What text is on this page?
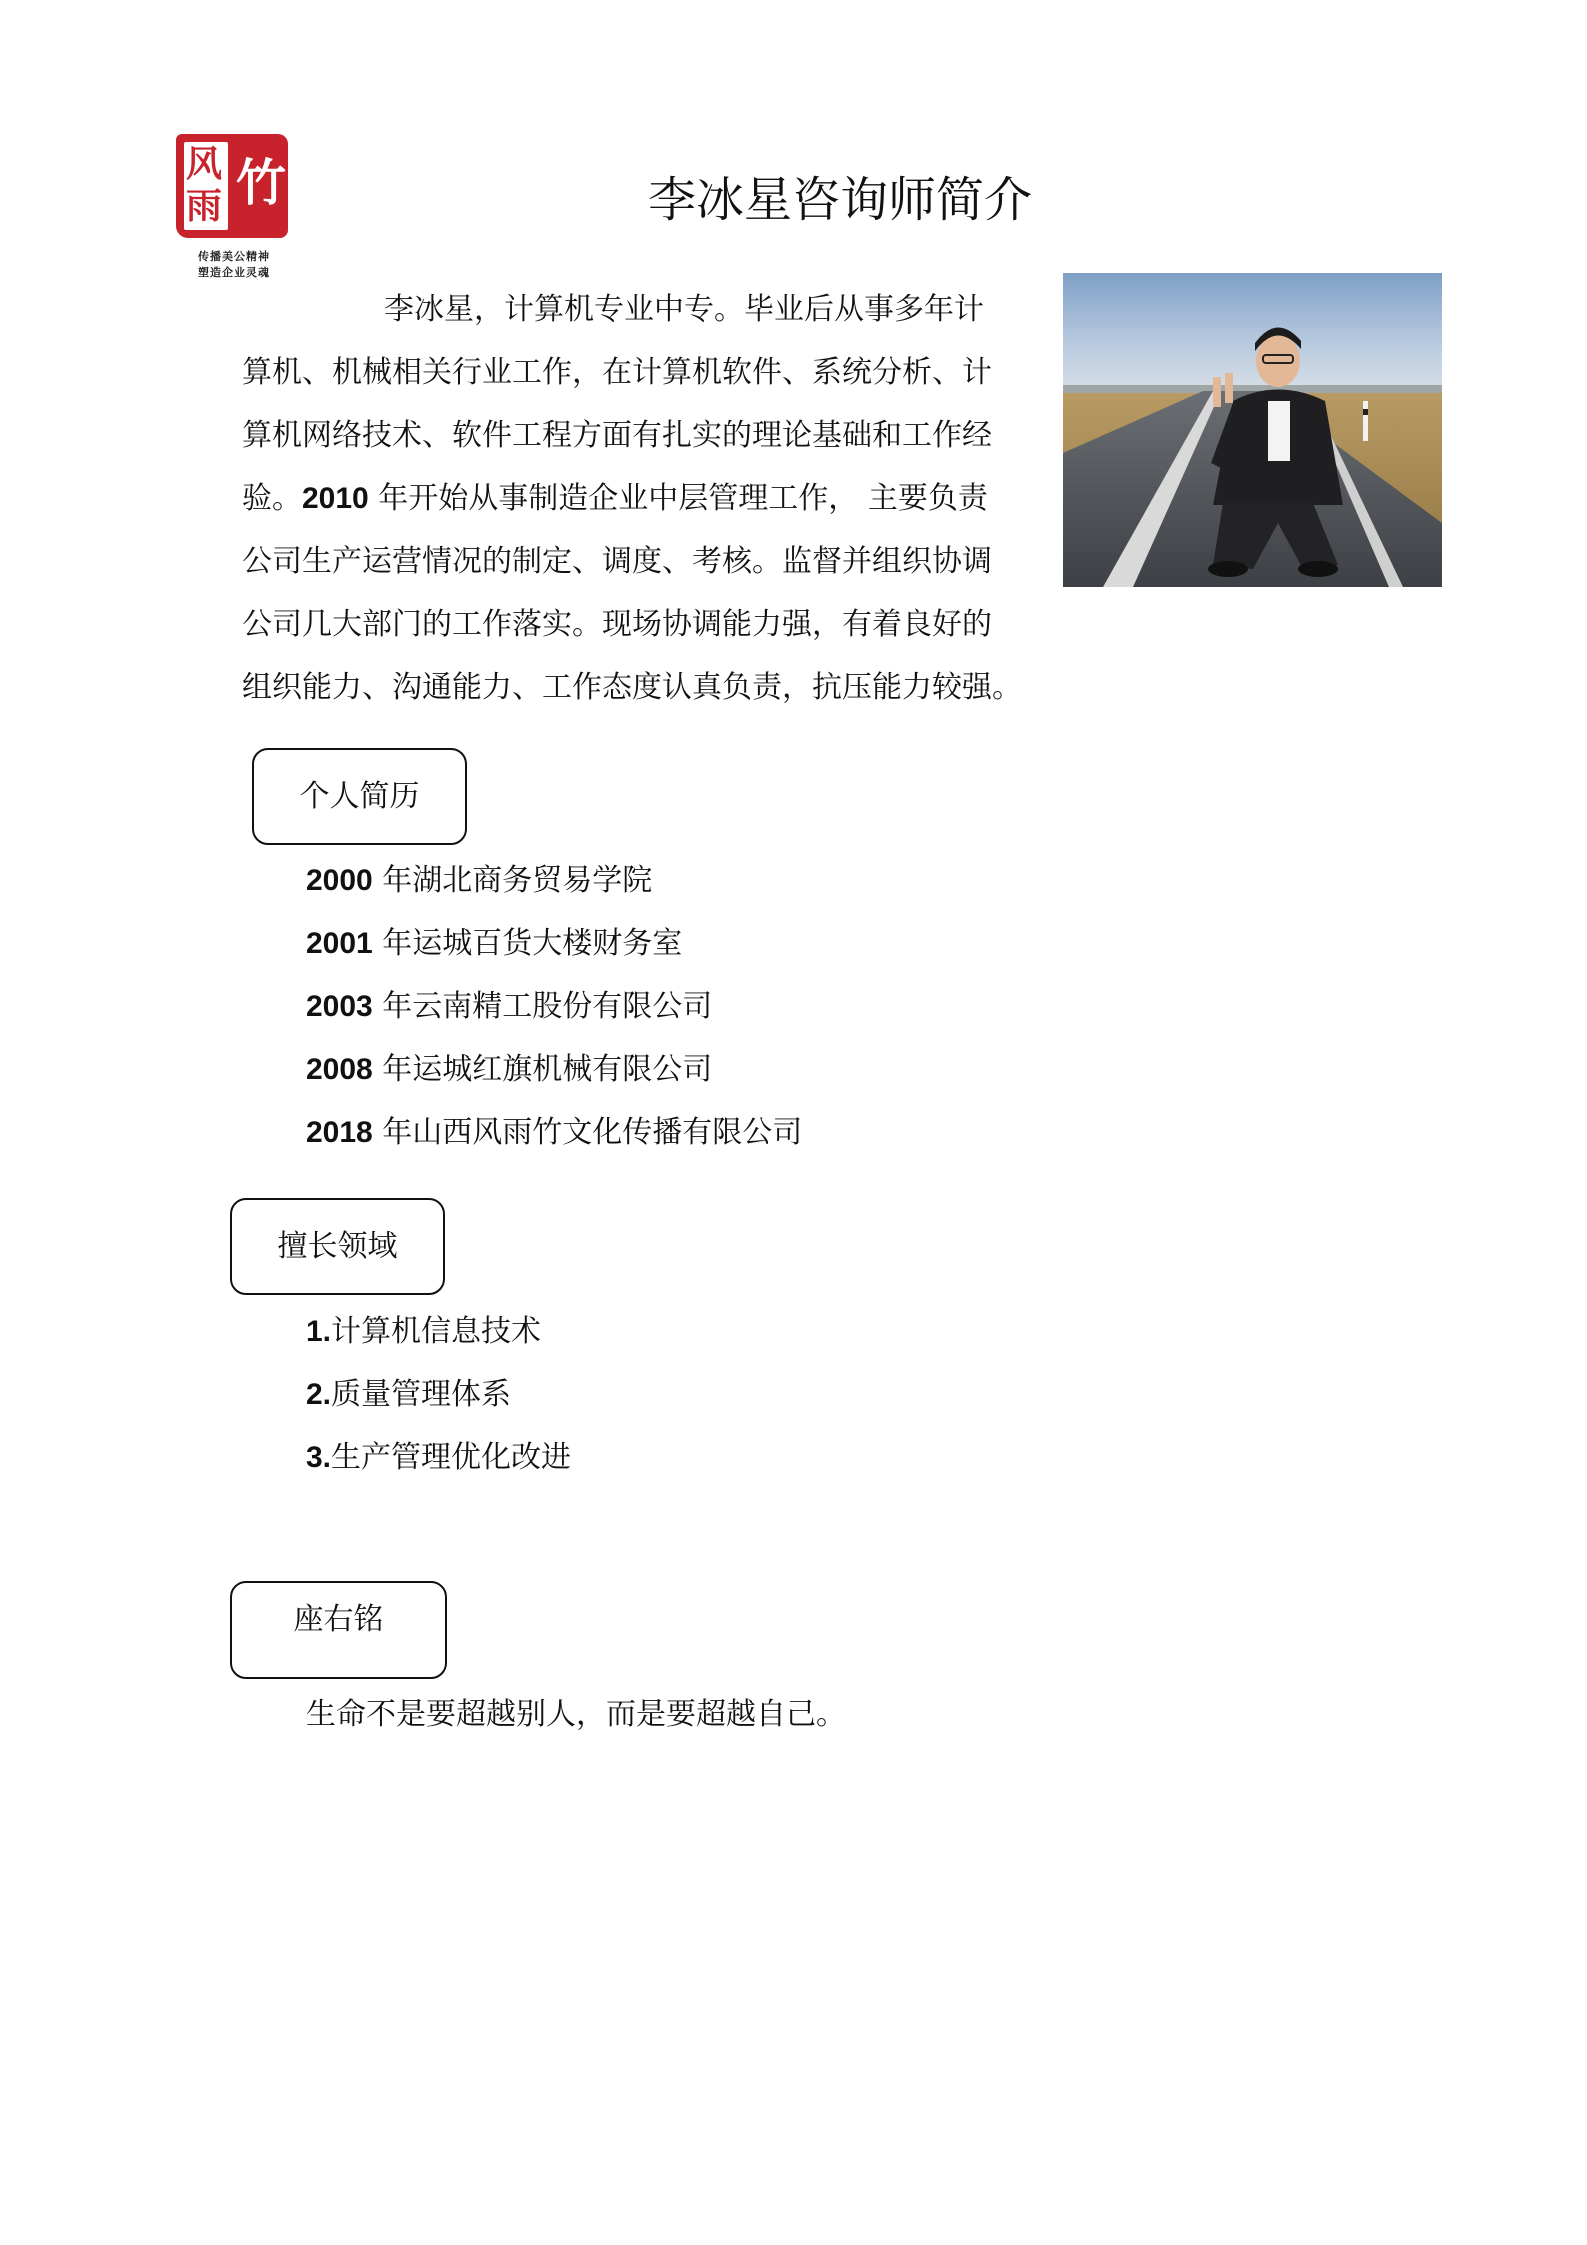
风
雨 竹
传播美公精神
塑造企业灵魂
李冰星咨询师简介
李冰星，计算机专业中专。毕业后从事多年计
算机、机械相关行业工作，在计算机软件、系统分析、计
算机网络技术、软件工程方面有扎实的理论基础和工作经
验。2010 年开始从事制造企业中层管理工作， 主要负责
公司生产运营情况的制定、调度、考核。监督并组织协调
公司几大部门的工作落实。现场协调能力强，有着良好的
组织能力、沟通能力、工作态度认真负责，抗压能力较强。
个人简历
2000 年湖北商务贸易学院
2001 年运城百货大楼财务室
2003 年云南精工股份有限公司
2008 年运城红旗机械有限公司
2018 年山西风雨竹文化传播有限公司
擅长领域
1.计算机信息技术
2.质量管理体系
3.生产管理优化改进
座右铭
生命不是要超越别人，而是要超越自己。
